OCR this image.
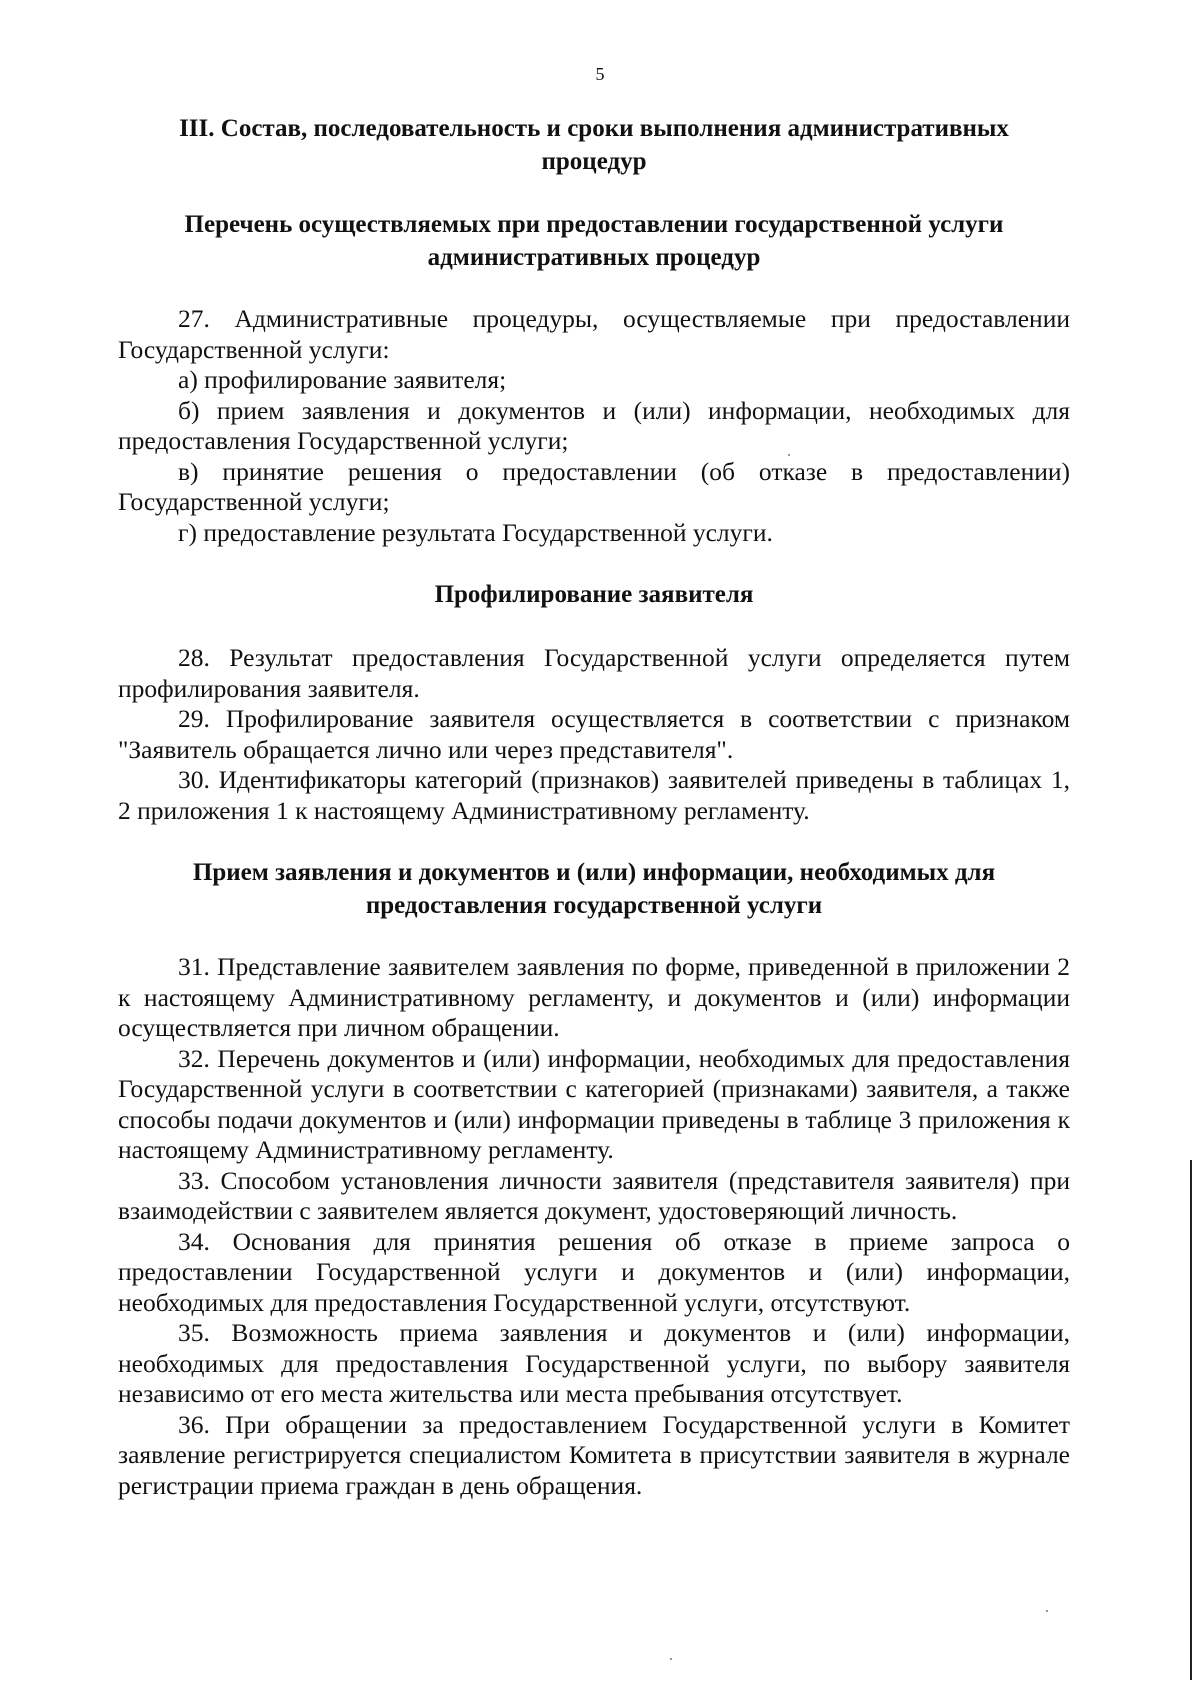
5
III. Состав, последовательность и сроки выполнения административных процедур
Перечень осуществляемых при предоставлении государственной услуги административных процедур

27. Административные процедуры, осуществляемые при предоставлении Государственной услуги:

а) профилирование заявителя;

б) прием заявления и документов и (или) информации, необходимых для предоставления Государственной услуги;

в) принятие решения о предоставлении (об отказе в предоставлении) Государственной услуги;

г) предоставление результата Государственной услуги.

Профилирование заявителя

28. Результат предоставления Государственной услуги определяется путем профилирования заявителя.

29. Профилирование заявителя осуществляется в соответствии с признаком "Заявитель обращается лично или через представителя".

30. Идентификаторы категорий (признаков) заявителей приведены в таблицах 1, 2 приложения 1 к настоящему Административному регламенту.

Прием заявления и документов и (или) информации, необходимых для предоставления государственной услуги

31. Представление заявителем заявления по форме, приведенной в приложении 2 к настоящему Административному регламенту, и документов и (или) информации осуществляется при личном обращении.

32. Перечень документов и (или) информации, необходимых для предоставления Государственной услуги в соответствии с категорией (признаками) заявителя, а также способы подачи документов и (или) информации приведены в таблице 3 приложения к настоящему Административному регламенту.

33. Способом установления личности заявителя (представителя заявителя) при взаимодействии с заявителем является документ, удостоверяющий личность.

34. Основания для принятия решения об отказе в приеме запроса о предоставлении Государственной услуги и документов и (или) информации, необходимых для предоставления Государственной услуги, отсутствуют.

35. Возможность приема заявления и документов и (или) информации, необходимых для предоставления Государственной услуги, по выбору заявителя независимо от его места жительства или места пребывания отсутствует.

36. При обращении за предоставлением Государственной услуги в Комитет заявление регистрируется специалистом Комитета в присутствии заявителя в журнале регистрации приема граждан в день обращения.
